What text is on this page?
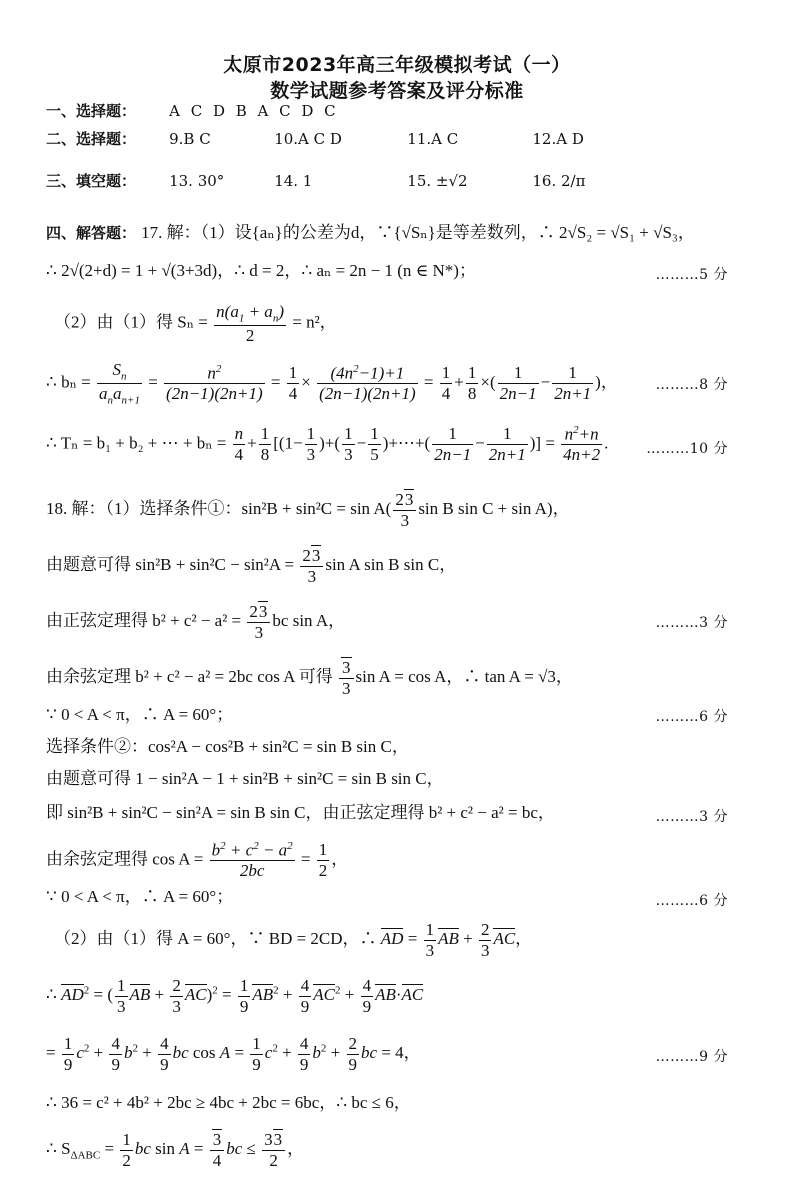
太原市2023年高三年级模拟考试（一）
数学试题参考答案及评分标准
一、选择题： A C D B A C D C
二、选择题： 9.B C	10.A C D	11.A C	12.A D
三、填空题： 13. 30°	14. 1	15. ±√2	16. 2/π
四、解答题： 17. 解：（1）设{aₙ}的公差为d，∵{√Sₙ}是等差数列，∴ 2√S₂ = √S₁ + √S₃，
∴ 2√(2+d) = 1 + √(3+3d)，∴ d = 2，∴ aₙ = 2n − 1 (n ∈ N*)；	………5 分
（2）由（1）得 $S_n = \frac{n(a_1 + a_n)}{2} = n^2$，
∴ $b_n = \frac{S_n}{a_na_{n+1}} = \frac{n^2}{(2n-1)(2n+1)} = \frac{1}{4} \times \frac{(4n^2-1)+1}{(2n-1)(2n+1)} = \frac{1}{4} + \frac{1}{8}$ ×( $\frac{1}{2n-1} - \frac{1}{2n+1}$ )，	………8 分
∴ Tₙ = b₁ + b₂ + ⋯ + $b_n = \frac{n}{4} + \frac{1}{8} [(1- \frac{1}{3}$ )+( $\frac{1}{3} - \frac{1}{5}$ )+⋯+( $\frac{1}{2n-1} - \frac{1}{2n+1}$ )] = $\frac{n^2+n}{4n+2}$ .	………10 分
18. 解：（1）选择条件①：$\sin^2B + \sin^2C = \sin A( \frac{23}{3}$ sin B sin C + sin A)，
由题意可得 $\sin^2B + \sin^2C - \sin^2A = \frac{23}{3}$ sin A sin B sin C，
由正弦定理得 $b^2 + c^2 - a^2 = \frac{23}{3}$ bc sin A，	………3 分
由余弦定理 b² + c² − a² = 2bc cos A 可得 $\frac{3}{3}$ sin A = cos A，∴ tan A = √3，
∵ 0 < A < π，∴ A = 60°；	………6 分
选择条件②：cos²A − cos²B + sin²C = sin B sin C，
由题意可得 1 − sin²A − 1 + sin²B + sin²C = sin B sin C，
即 sin²B + sin²C − sin²A = sin B sin C，由正弦定理得 b² + c² − a² = bc，	………3 分
由余弦定理得 $\cos A = \frac{b^2 + c^2 - a^2}{2bc} = \frac{1}{2}$ ，
∵ 0 < A < π，∴ A = 60°；	………6 分
（2）由（1）得 A = 60°，∵ BD = 2CD，∴ AD = $\frac{1}{3}$ AB + $\frac{2}{3}$ AC，
∴ $AD^2$ = ( $\frac{1}{3}$ AB + $\frac{2}{3} AC)^2 = \frac{1}{9} AB^2 + \frac{4}{9} AC^2 + \frac{4}{9} AB\cdot AC$
= $\frac{1}{9} c^2 + \frac{4}{9} b^2 + \frac{4}{9}$ bc $\cos A = \frac{1}{9} c^2 + \frac{4}{9} b^2 + \frac{2}{9}$ bc = 4，	………9 分
∴ 36 = c² + 4b² + 2bc ≥ 4bc + 2bc = 6bc，∴ bc ≤ 6，
∴ $S_{\Delta ABC} = \frac{1}{2}$ bc $\sin A = \frac{3}{4}$ bc ≤ $\frac{33}{2}$ ，
